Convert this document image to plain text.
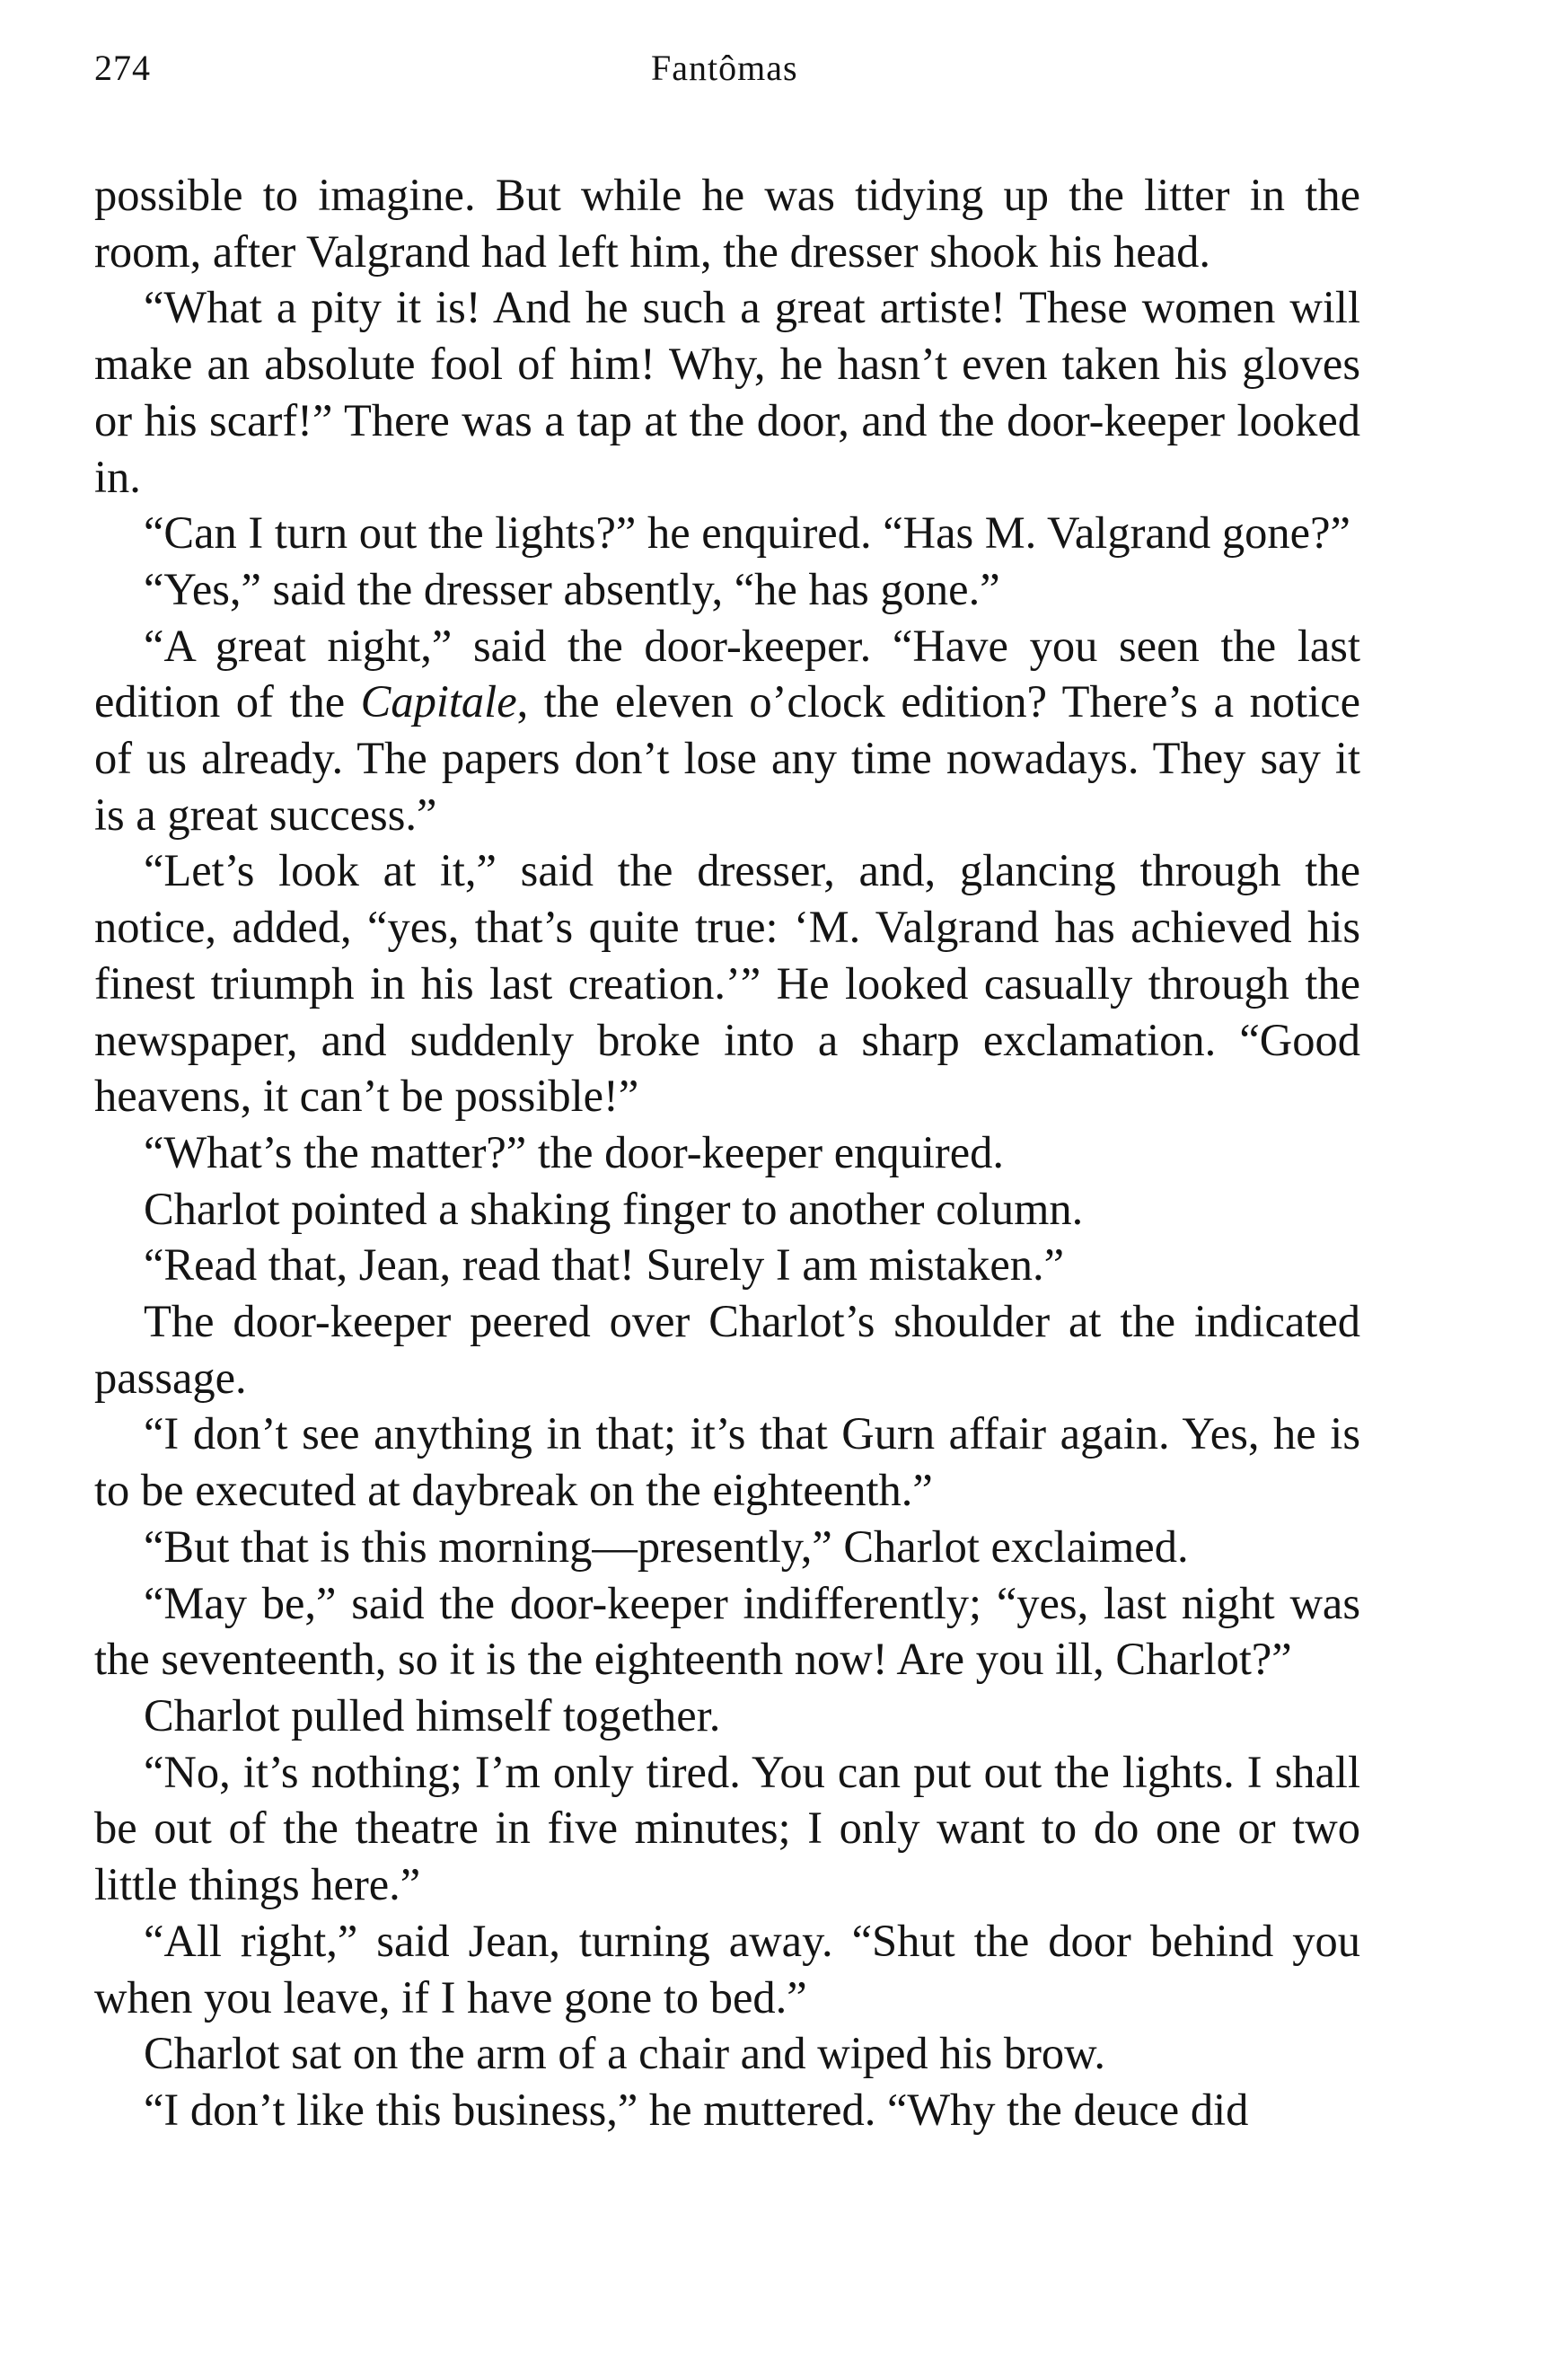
274	Fantômas

possible to imagine. But while he was tidying up the litter in the room, after Valgrand had left him, the dresser shook his head.

“What a pity it is! And he such a great artiste! These women will make an absolute fool of him! Why, he hasn’t even taken his gloves or his scarf!” There was a tap at the door, and the door-keeper looked in.

“Can I turn out the lights?” he enquired. “Has M. Valgrand gone?”

“Yes,” said the dresser absently, “he has gone.”

“A great night,” said the door-keeper. “Have you seen the last edition of the Capitale, the eleven o’clock edition? There’s a notice of us already. The papers don’t lose any time nowadays. They say it is a great success.”

“Let’s look at it,” said the dresser, and, glancing through the notice, added, “yes, that’s quite true: ‘M. Valgrand has achieved his finest triumph in his last creation.’” He looked casually through the newspaper, and suddenly broke into a sharp exclamation. “Good heavens, it can’t be possible!”

“What’s the matter?” the door-keeper enquired.

Charlot pointed a shaking finger to another column.

“Read that, Jean, read that! Surely I am mistaken.”

The door-keeper peered over Charlot’s shoulder at the indicated passage.

“I don’t see anything in that; it’s that Gurn affair again. Yes, he is to be executed at daybreak on the eighteenth.”

“But that is this morning—presently,” Charlot exclaimed.

“May be,” said the door-keeper indifferently; “yes, last night was the seventeenth, so it is the eighteenth now! Are you ill, Charlot?”

Charlot pulled himself together.

“No, it’s nothing; I’m only tired. You can put out the lights. I shall be out of the theatre in five minutes; I only want to do one or two little things here.”

“All right,” said Jean, turning away. “Shut the door behind you when you leave, if I have gone to bed.”

Charlot sat on the arm of a chair and wiped his brow.

“I don’t like this business,” he muttered. “Why the deuce did
